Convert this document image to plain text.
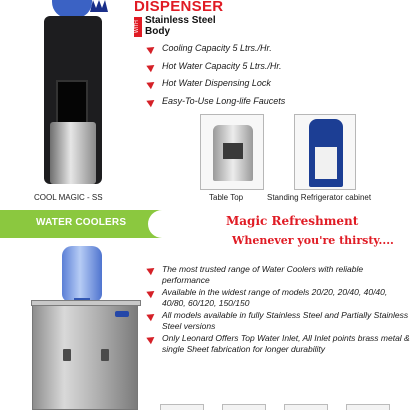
COOL MAGIC - SS
DISPENSER
WITH
Stainless Steel
Body
Cooling Capacity 5 Ltrs./Hr.
Hot Water Capacity 5 Ltrs./Hr.
Hot Water Dispensing Lock
Easy-To-Use Long-life Faucets
Table Top	Standing Refrigerator cabinet
WATER COOLERS	Magic Refreshment
Whenever you're thirsty....
The most trusted range of Water Coolers with reliable performance
Available in the widest range of models 20/20, 20/40, 40/40, 40/80, 60/120, 150/150
All models available in fully Stainless Steel and Partially Stainless Steel versions
Only Leonard Offers Top Water Inlet, All Inlet points brass metal & single Sheet fabrication for longer durability
